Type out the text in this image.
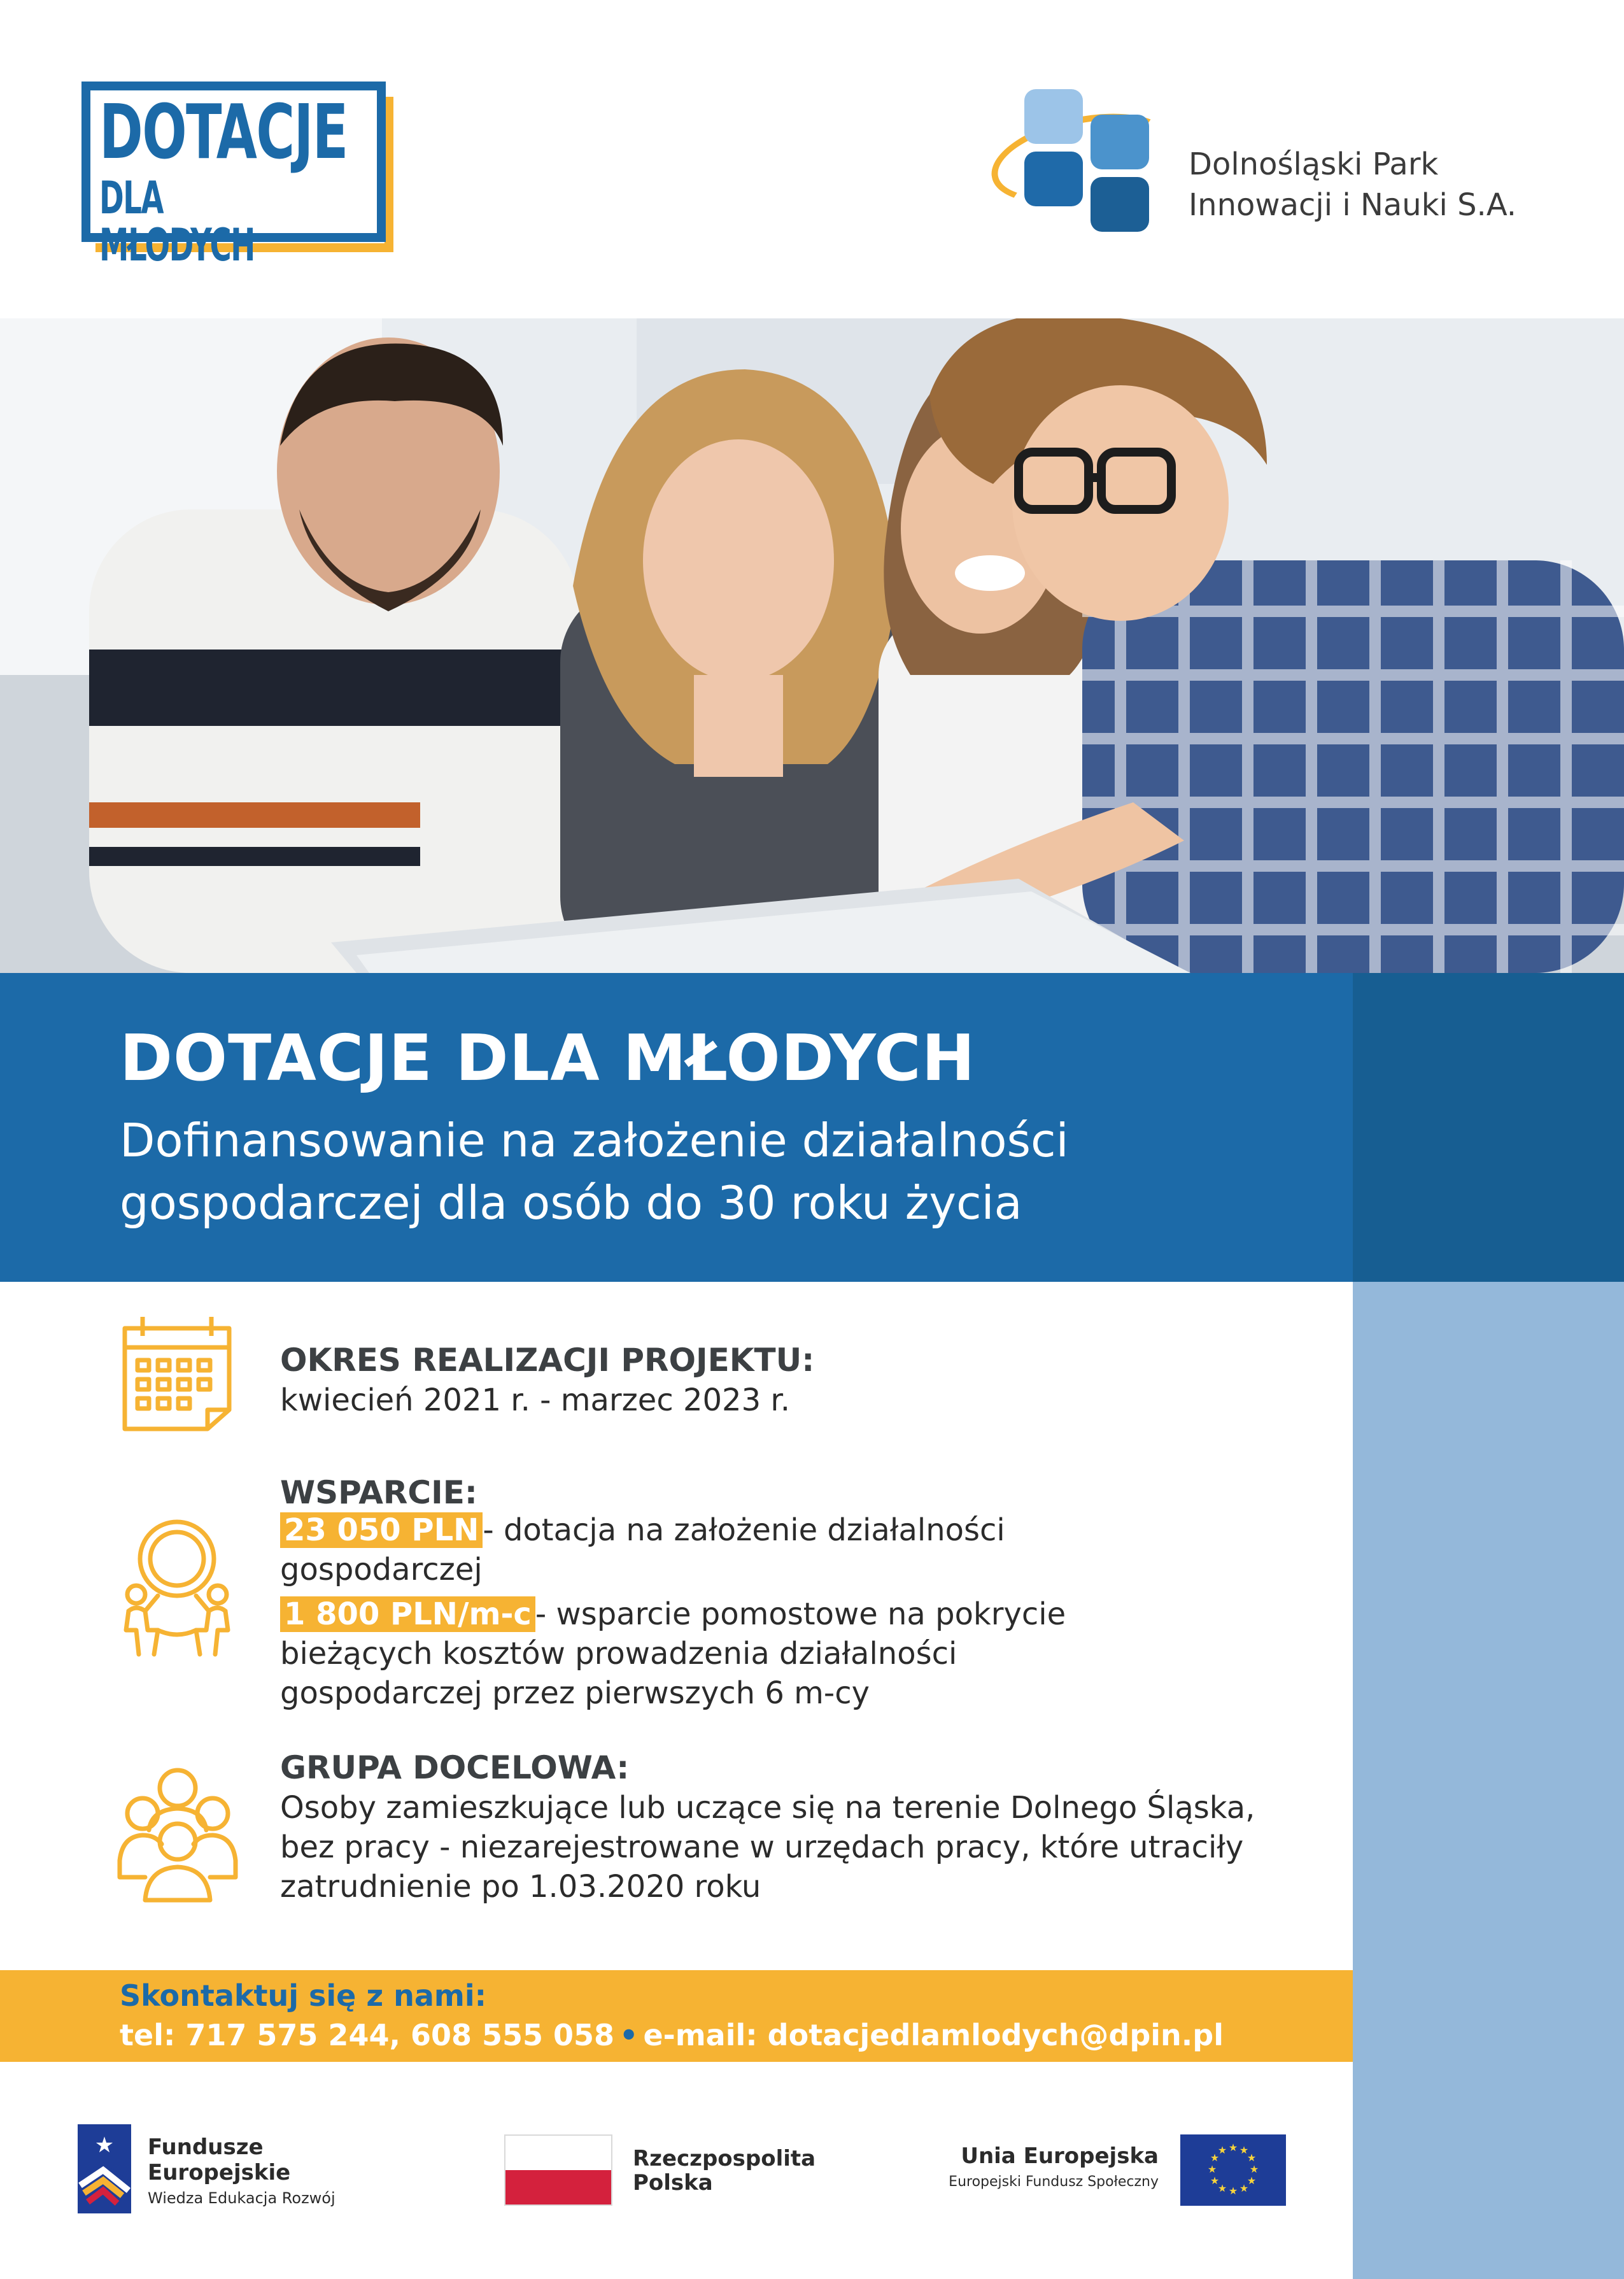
DOTACJE
DLA MŁODYCH
Dolnośląski Park
Innowacji i Nauki S.A.
DOTACJE DLA MŁODYCH
Dofinansowanie na założenie działalności
gospodarczej dla osób do 30 roku życia
OKRES REALIZACJI PROJEKTU:
kwiecień 2021 r. - marzec 2023 r.
WSPARCIE:
23 050 PLN - dotacja na założenie działalności
gospodarczej
1 800 PLN/m-c - wsparcie pomostowe na pokrycie
bieżących kosztów prowadzenia działalności
gospodarczej przez pierwszych 6 m-cy
GRUPA DOCELOWA:
Osoby zamieszkujące lub uczące się na terenie Dolnego Śląska,
bez pracy - niezarejestrowane w urzędach pracy, które utraciły
zatrudnienie po 1.03.2020 roku
Skontaktuj się z nami:
tel: 717 575 244, 608 555 058 • e-mail: dotacjedlamlodych@dpin.pl
★ Fundusze
Europejskie
Wiedza Edukacja Rozwój
Rzeczpospolita
Polska
Unia Europejska
Europejski Fundusz Społeczny
★ ★
★
★
★
★
★
★
★
★
★
★
